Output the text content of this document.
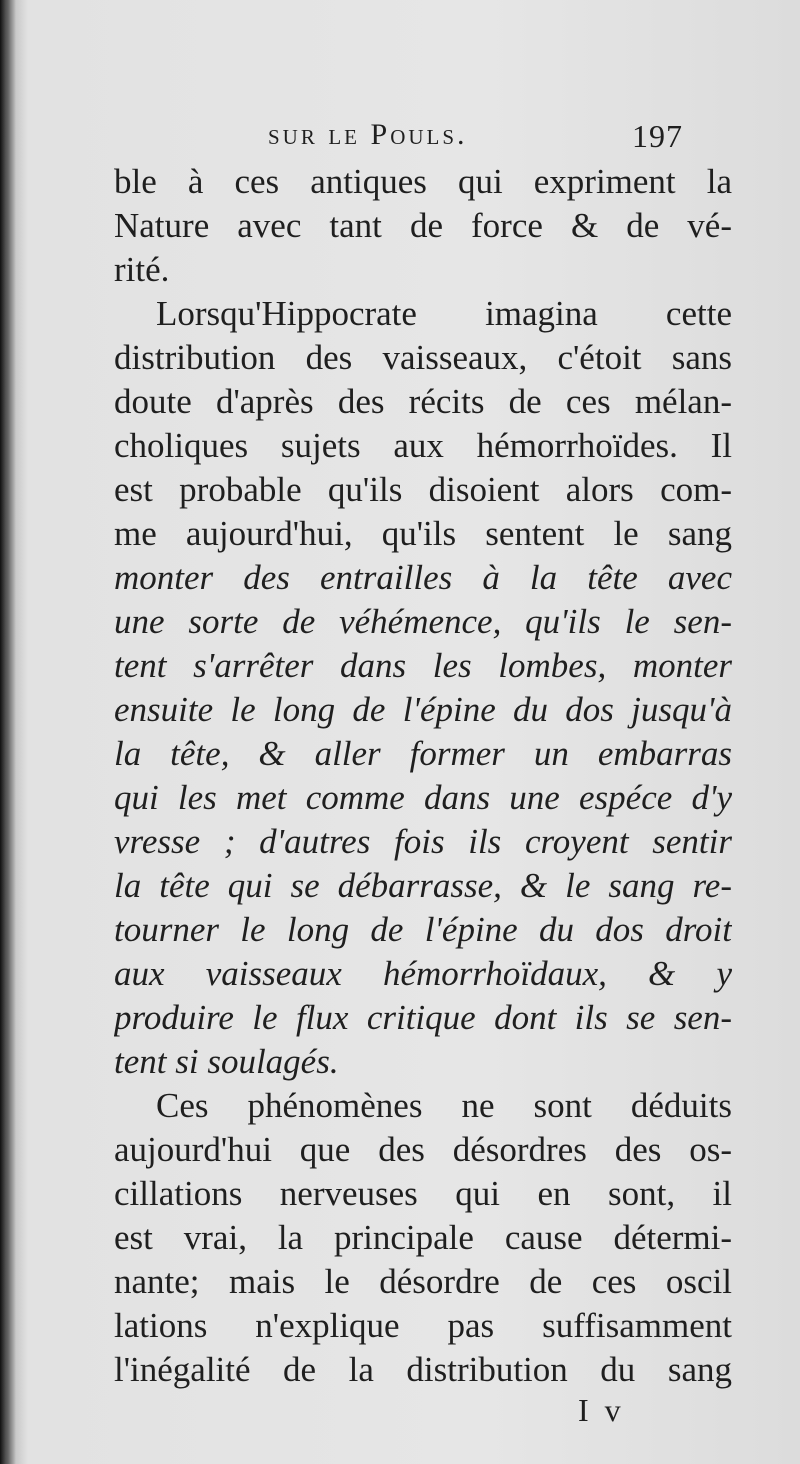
sur le Pouls.	197
ble à ces antiques qui expriment la
Nature avec tant de force & de vé-
rité.
Lorsqu'Hippocrate imagina cette
distribution des vaisseaux, c'étoit sans
doute d'après des récits de ces mélan-
choliques sujets aux hémorrhoïdes. Il
est probable qu'ils disoient alors com-
me aujourd'hui, qu'ils sentent le sang
monter des entrailles à la tête avec
une sorte de véhémence, qu'ils le sen-
tent s'arrêter dans les lombes, monter
ensuite le long de l'épine du dos jusqu'à
la tête, & aller former un embarras
qui les met comme dans une espéce d'y
vresse ; d'autres fois ils croyent sentir
la tête qui se débarrasse, & le sang re-
tourner le long de l'épine du dos droit
aux vaisseaux hémorrhoïdaux, & y
produire le flux critique dont ils se sen-
tent si soulagés.
Ces phénomènes ne sont déduits
aujourd'hui que des désordres des os-
cillations nerveuses qui en sont, il
est vrai, la principale cause détermi-
nante; mais le désordre de ces oscil
lations n'explique pas suffisamment
l'inégalité de la distribution du sang
I v
